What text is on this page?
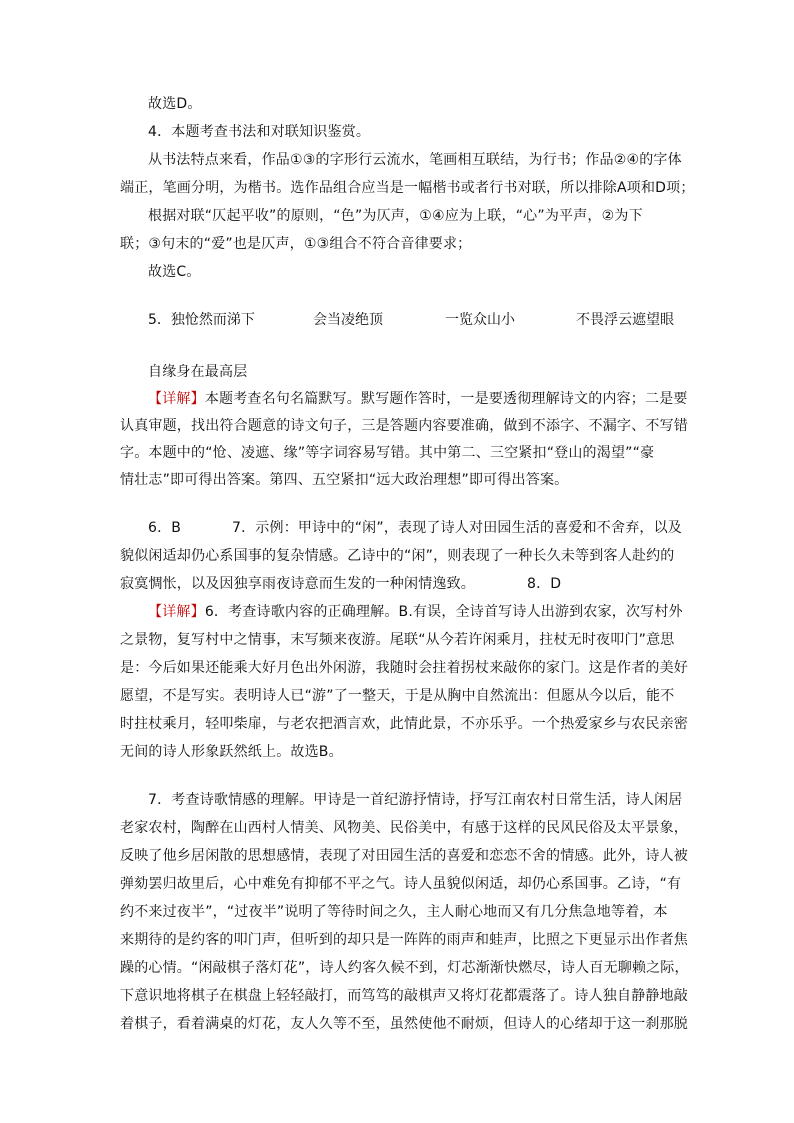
故选D。
4．本题考查书法和对联知识鉴赏。
从书法特点来看，作品①③的字形行云流水，笔画相互联结，为行书；作品②④的字体
端正，笔画分明，为楷书。选作品组合应当是一幅楷书或者行书对联，所以排除A项和D项；
根据对联“仄起平收”的原则，“色”为仄声，①④应为上联，“心”为平声，②为下
联；③句末的“爱”也是仄声，①③组合不符合音律要求；
故选C。
5．独怆然而涕下	会当凌绝顶	一览众山小	不畏浮云遮望眼
自缘身在最高层
【详解】本题考查名句名篇默写。默写题作答时，一是要透彻理解诗文的内容；二是要
认真审题，找出符合题意的诗文句子，三是答题内容要准确，做到不添字、不漏字、不写错
字。本题中的“怆、凌遮、缘”等字词容易写错。其中第二、三空紧扣“登山的渴望”“豪
情壮志”即可得出答案。第四、五空紧扣“远大政治理想”即可得出答案。
6．B	7．示例：甲诗中的“闲”，表现了诗人对田园生活的喜爱和不舍弃，以及
貌似闲适却仍心系国事的复杂情感。乙诗中的“闲”，则表现了一种长久未等到客人赴约的
寂寞惆怅，以及因独享雨夜诗意而生发的一种闲情逸致。	8．D
【详解】6．考查诗歌内容的正确理解。B.有误，全诗首写诗人出游到农家，次写村外
之景物，复写村中之情事，末写频来夜游。尾联“从今若许闲乘月，拄杖无时夜叩门”意思
是：今后如果还能乘大好月色出外闲游，我随时会拄着拐杖来敲你的家门。这是作者的美好
愿望，不是写实。表明诗人已“游”了一整天，于是从胸中自然流出：但愿从今以后，能不
时拄杖乘月，轻叩柴扉，与老农把酒言欢，此情此景，不亦乐乎。一个热爱家乡与农民亲密
无间的诗人形象跃然纸上。故选B。
7．考查诗歌情感的理解。甲诗是一首纪游抒情诗，抒写江南农村日常生活，诗人闲居
老家农村，陶醉在山西村人情美、风物美、民俗美中，有感于这样的民风民俗及太平景象，
反映了他乡居闲散的思想感情，表现了对田园生活的喜爱和恋恋不舍的情感。此外，诗人被
弹劾罢归故里后，心中难免有抑郁不平之气。诗人虽貌似闲适，却仍心系国事。乙诗，“有
约不来过夜半”，“过夜半”说明了等待时间之久，主人耐心地而又有几分焦急地等着，本
来期待的是约客的叩门声，但听到的却只是一阵阵的雨声和蛙声，比照之下更显示出作者焦
躁的心情。“闲敲棋子落灯花”，诗人约客久候不到，灯芯渐渐快燃尽，诗人百无聊赖之际，
下意识地将棋子在棋盘上轻轻敲打，而笃笃的敲棋声又将灯花都震落了。诗人独自静静地敲
着棋子，看着满桌的灯花，友人久等不至，虽然使他不耐烦，但诗人的心绪却于这一刹那脱
